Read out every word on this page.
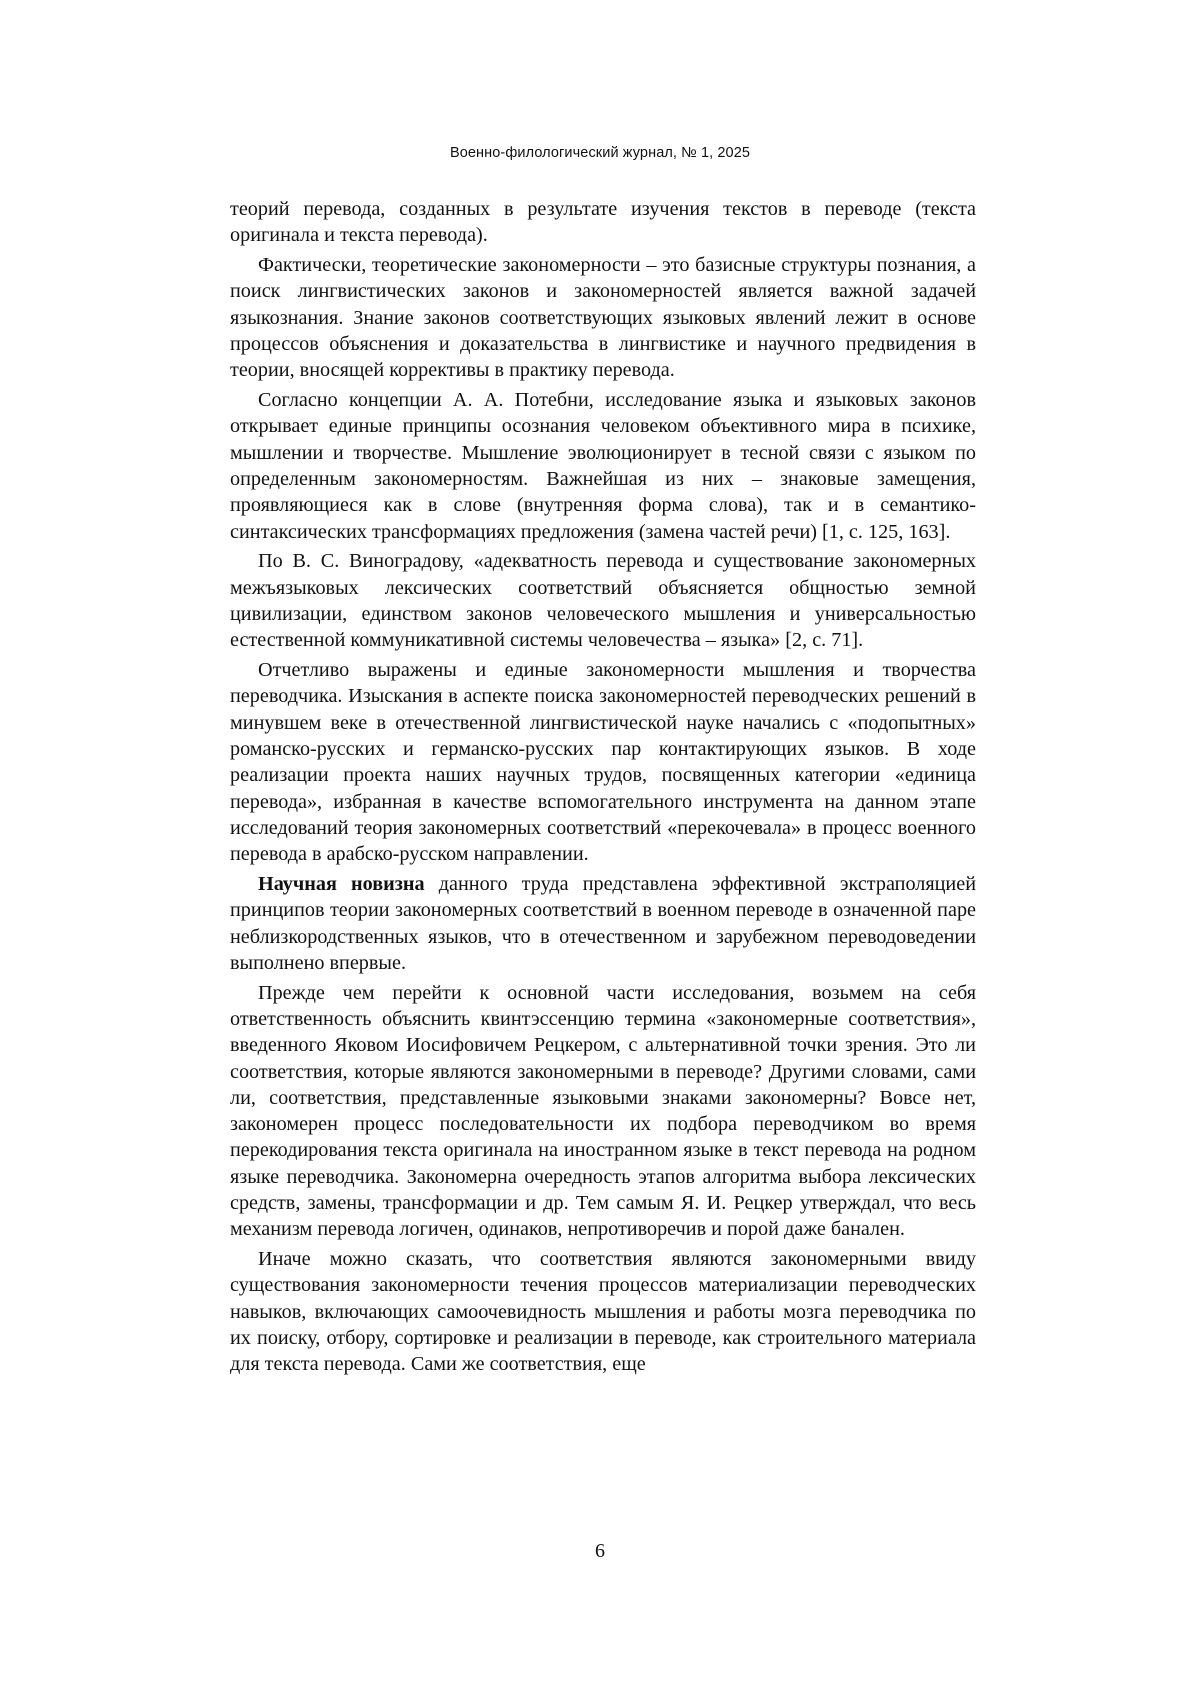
Военно-филологический журнал, № 1, 2025

теорий перевода, созданных в результате изучения текстов в переводе (текста оригинала и текста перевода).

Фактически, теоретические закономерности – это базисные структуры познания, а поиск лингвистических законов и закономерностей является важной задачей языкознания. Знание законов соответствующих языковых явлений лежит в основе процессов объяснения и доказательства в лингвистике и научного предвидения в теории, вносящей коррективы в практику перевода.

Согласно концепции А. А. Потебни, исследование языка и языковых законов открывает единые принципы осознания человеком объективного мира в психике, мышлении и творчестве. Мышление эволюционирует в тесной связи с языком по определенным закономерностям. Важнейшая из них – знаковые замещения, проявляющиеся как в слове (внутренняя форма слова), так и в семантико-синтаксических трансформациях предложения (замена частей речи) [1, с. 125, 163].

По В. С. Виноградову, «адекватность перевода и существование закономерных межъязыковых лексических соответствий объясняется общностью земной цивилизации, единством законов человеческого мышления и универсальностью естественной коммуникативной системы человечества – языка» [2, с. 71].

Отчетливо выражены и единые закономерности мышления и творчества переводчика. Изыскания в аспекте поиска закономерностей переводческих решений в минувшем веке в отечественной лингвистической науке начались с «подопытных» романско-русских и германско-русских пар контактирующих языков. В ходе реализации проекта наших научных трудов, посвященных категории «единица перевода», избранная в качестве вспомогательного инструмента на данном этапе исследований теория закономерных соответствий «перекочевала» в процесс военного перевода в арабско-русском направлении.

Научная новизна данного труда представлена эффективной экстраполяцией принципов теории закономерных соответствий в военном переводе в означенной паре неблизкородственных языков, что в отечественном и зарубежном переводоведении выполнено впервые.

Прежде чем перейти к основной части исследования, возьмем на себя ответственность объяснить квинтэссенцию термина «закономерные соответствия», введенного Яковом Иосифовичем Рецкером, с альтернативной точки зрения. Это ли соответствия, которые являются закономерными в переводе? Другими словами, сами ли, соответствия, представленные языковыми знаками закономерны? Вовсе нет, закономерен процесс последовательности их подбора переводчиком во время перекодирования текста оригинала на иностранном языке в текст перевода на родном языке переводчика. Закономерна очередность этапов алгоритма выбора лексических средств, замены, трансформации и др. Тем самым Я. И. Рецкер утверждал, что весь механизм перевода логичен, одинаков, непротиворечив и порой даже банален.

Иначе можно сказать, что соответствия являются закономерными ввиду существования закономерности течения процессов материализации переводческих навыков, включающих самоочевидность мышления и работы мозга переводчика по их поиску, отбору, сортировке и реализации в переводе, как строительного материала для текста перевода. Сами же соответствия, еще

6
